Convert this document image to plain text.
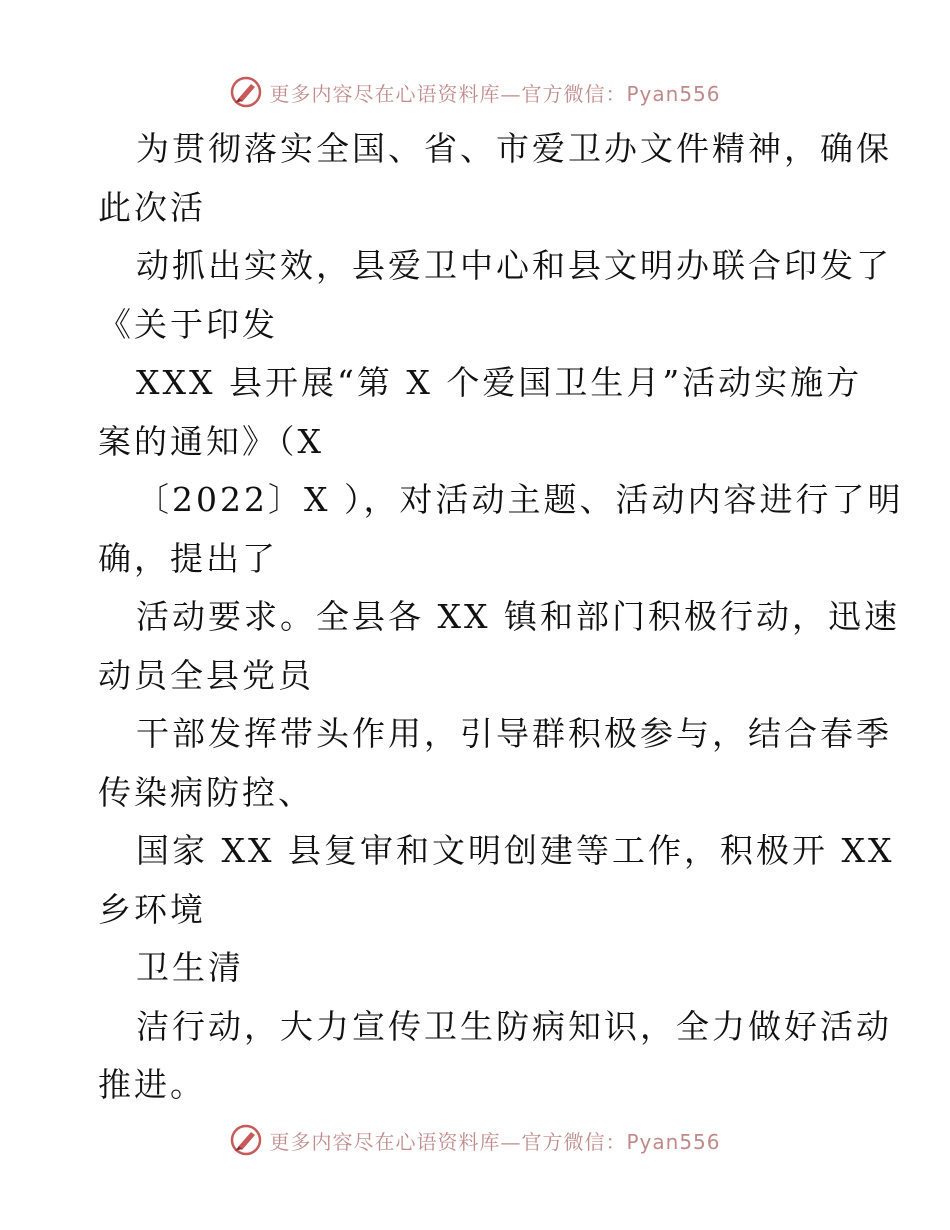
更多内容尽在心语资料库—官方微信：Pyan556
为贯彻落实全国、省、市爱卫办文件精神，确保
此次活
动抓出实效，县爱卫中心和县文明办联合印发了
《关于印发
XXX 县开展“第 X 个爱国卫生月”活动实施方
案的通知》（X
〔2022〕X ），对活动主题、活动内容进行了明
确，提出了
活动要求。全县各 XX 镇和部门积极行动，迅速
动员全县党员
干部发挥带头作用，引导群积极参与，结合春季
传染病防控、
国家 XX 县复审和文明创建等工作，积极开 XX
乡环境
卫生清
洁行动，大力宣传卫生防病知识，全力做好活动
推进。
更多内容尽在心语资料库—官方微信：Pyan556
